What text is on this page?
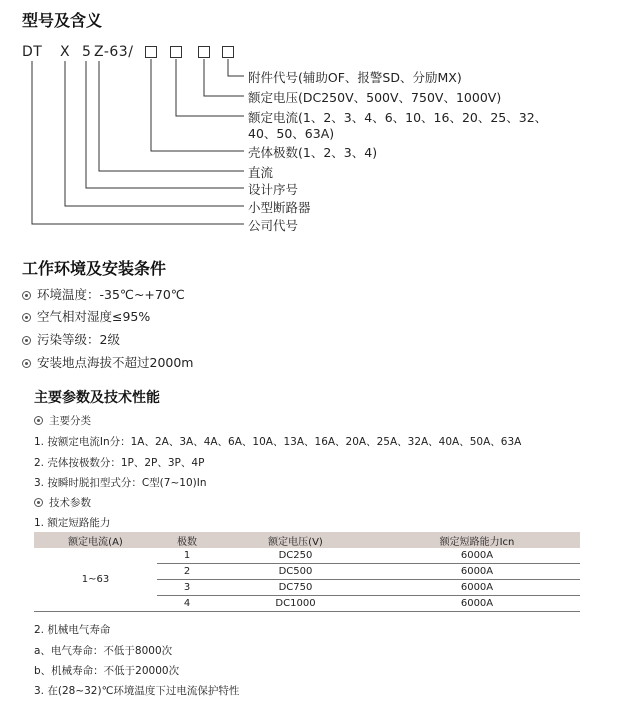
型号及含义
DT X 5 Z-63/
附件代号(辅助OF、报警SD、分励MX)
额定电压(DC250V、500V、750V、1000V)
额定电流(1、2、3、4、6、10、16、20、25、32、
40、50、63A)
壳体极数(1、2、3、4)
直流
设计序号
小型断路器
公司代号
工作环境及安装条件
环境温度：-35℃~+70℃
空气相对湿度≤95%
污染等级：2级
安装地点海拔不超过2000m
主要参数及技术性能
主要分类
1. 按额定电流In分：1A、2A、3A、4A、6A、10A、13A、16A、20A、25A、32A、40A、50A、63A
2. 壳体按极数分：1P、2P、3P、4P
3. 按瞬时脱扣型式分：C型(7~10)In
技术参数
1. 额定短路能力
额定电流(A)	极数	额定电压(V)	额定短路能力Icn
1~63	1	DC250	6000A
	2	DC500	6000A
	3	DC750	6000A
	4	DC1000	6000A
2. 机械电气寿命
a、电气寿命：不低于8000次
b、机械寿命：不低于20000次
3. 在(28~32)℃环境温度下过电流保护特性
